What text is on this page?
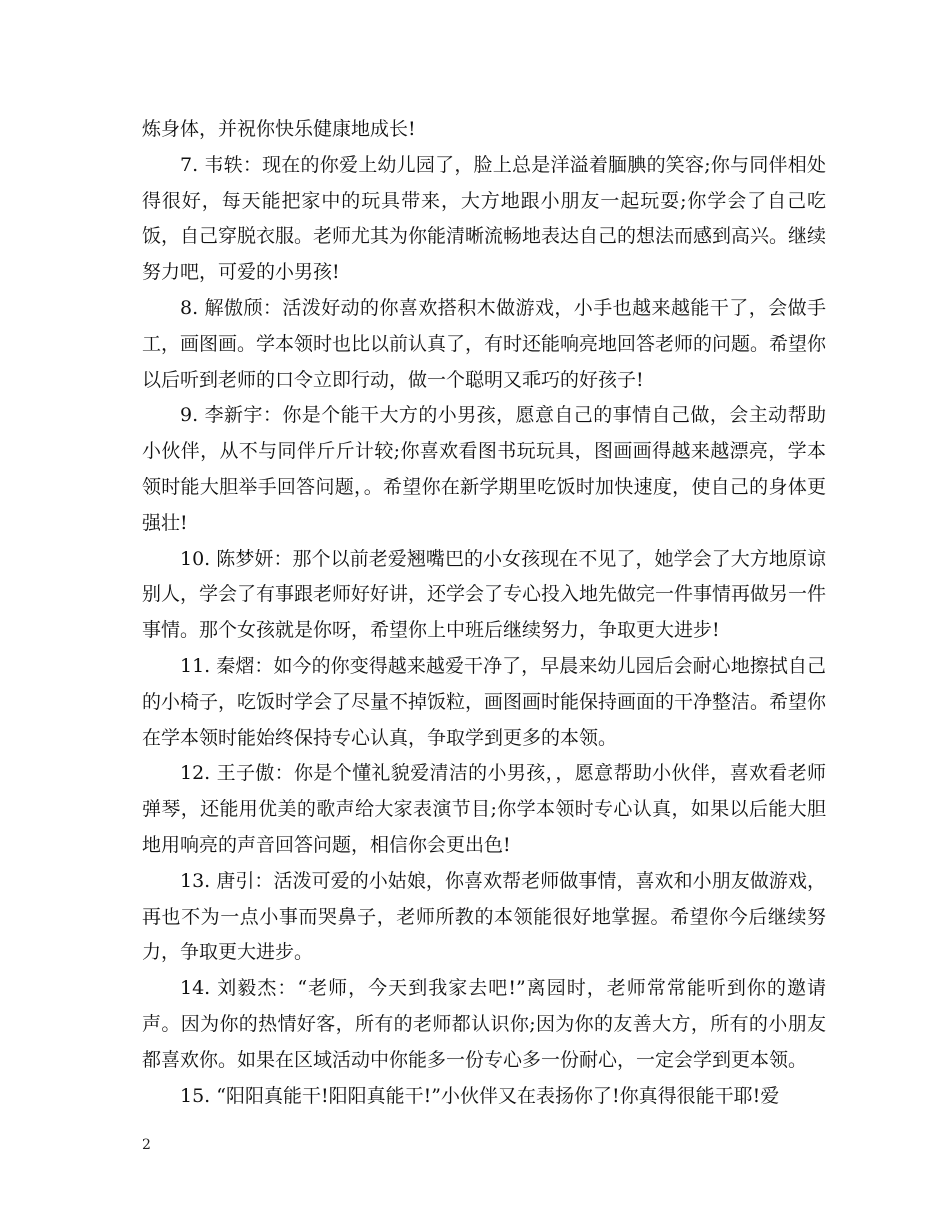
炼身体，并祝你快乐健康地成长!

7. 韦轶：现在的你爱上幼儿园了，脸上总是洋溢着腼腆的笑容;你与同伴相处得很好，每天能把家中的玩具带来，大方地跟小朋友一起玩耍;你学会了自己吃饭，自己穿脱衣服。老师尤其为你能清晰流畅地表达自己的想法而感到高兴。继续努力吧，可爱的小男孩!

8. 解傲颀：活泼好动的你喜欢搭积木做游戏，小手也越来越能干了，会做手工，画图画。学本领时也比以前认真了，有时还能响亮地回答老师的问题。希望你以后听到老师的口令立即行动，做一个聪明又乖巧的好孩子!

9. 李新宇：你是个能干大方的小男孩，愿意自己的事情自己做，会主动帮助小伙伴，从不与同伴斤斤计较;你喜欢看图书玩玩具，图画画得越来越漂亮，学本领时能大胆举手回答问题，。希望你在新学期里吃饭时加快速度，使自己的身体更强壮!

10. 陈梦妍：那个以前老爱翘嘴巴的小女孩现在不见了，她学会了大方地原谅别人，学会了有事跟老师好好讲，还学会了专心投入地先做完一件事情再做另一件事情。那个女孩就是你呀，希望你上中班后继续努力，争取更大进步!

11. 秦熠：如今的你变得越来越爱干净了，早晨来幼儿园后会耐心地擦拭自己的小椅子，吃饭时学会了尽量不掉饭粒，画图画时能保持画面的干净整洁。希望你在学本领时能始终保持专心认真，争取学到更多的本领。

12. 王子傲：你是个懂礼貌爱清洁的小男孩，，愿意帮助小伙伴，喜欢看老师弹琴，还能用优美的歌声给大家表演节目;你学本领时专心认真，如果以后能大胆地用响亮的声音回答问题，相信你会更出色!

13. 唐引：活泼可爱的小姑娘，你喜欢帮老师做事情，喜欢和小朋友做游戏，再也不为一点小事而哭鼻子，老师所教的本领能很好地掌握。希望你今后继续努力，争取更大进步。

14. 刘毅杰：“老师，今天到我家去吧!”离园时，老师常常能听到你的邀请声。因为你的热情好客，所有的老师都认识你;因为你的友善大方，所有的小朋友都喜欢你。如果在区域活动中你能多一份专心多一份耐心，一定会学到更本领。

15. “阳阳真能干!阳阳真能干!”小伙伴又在表扬你了!你真得很能干耶!爱

2
